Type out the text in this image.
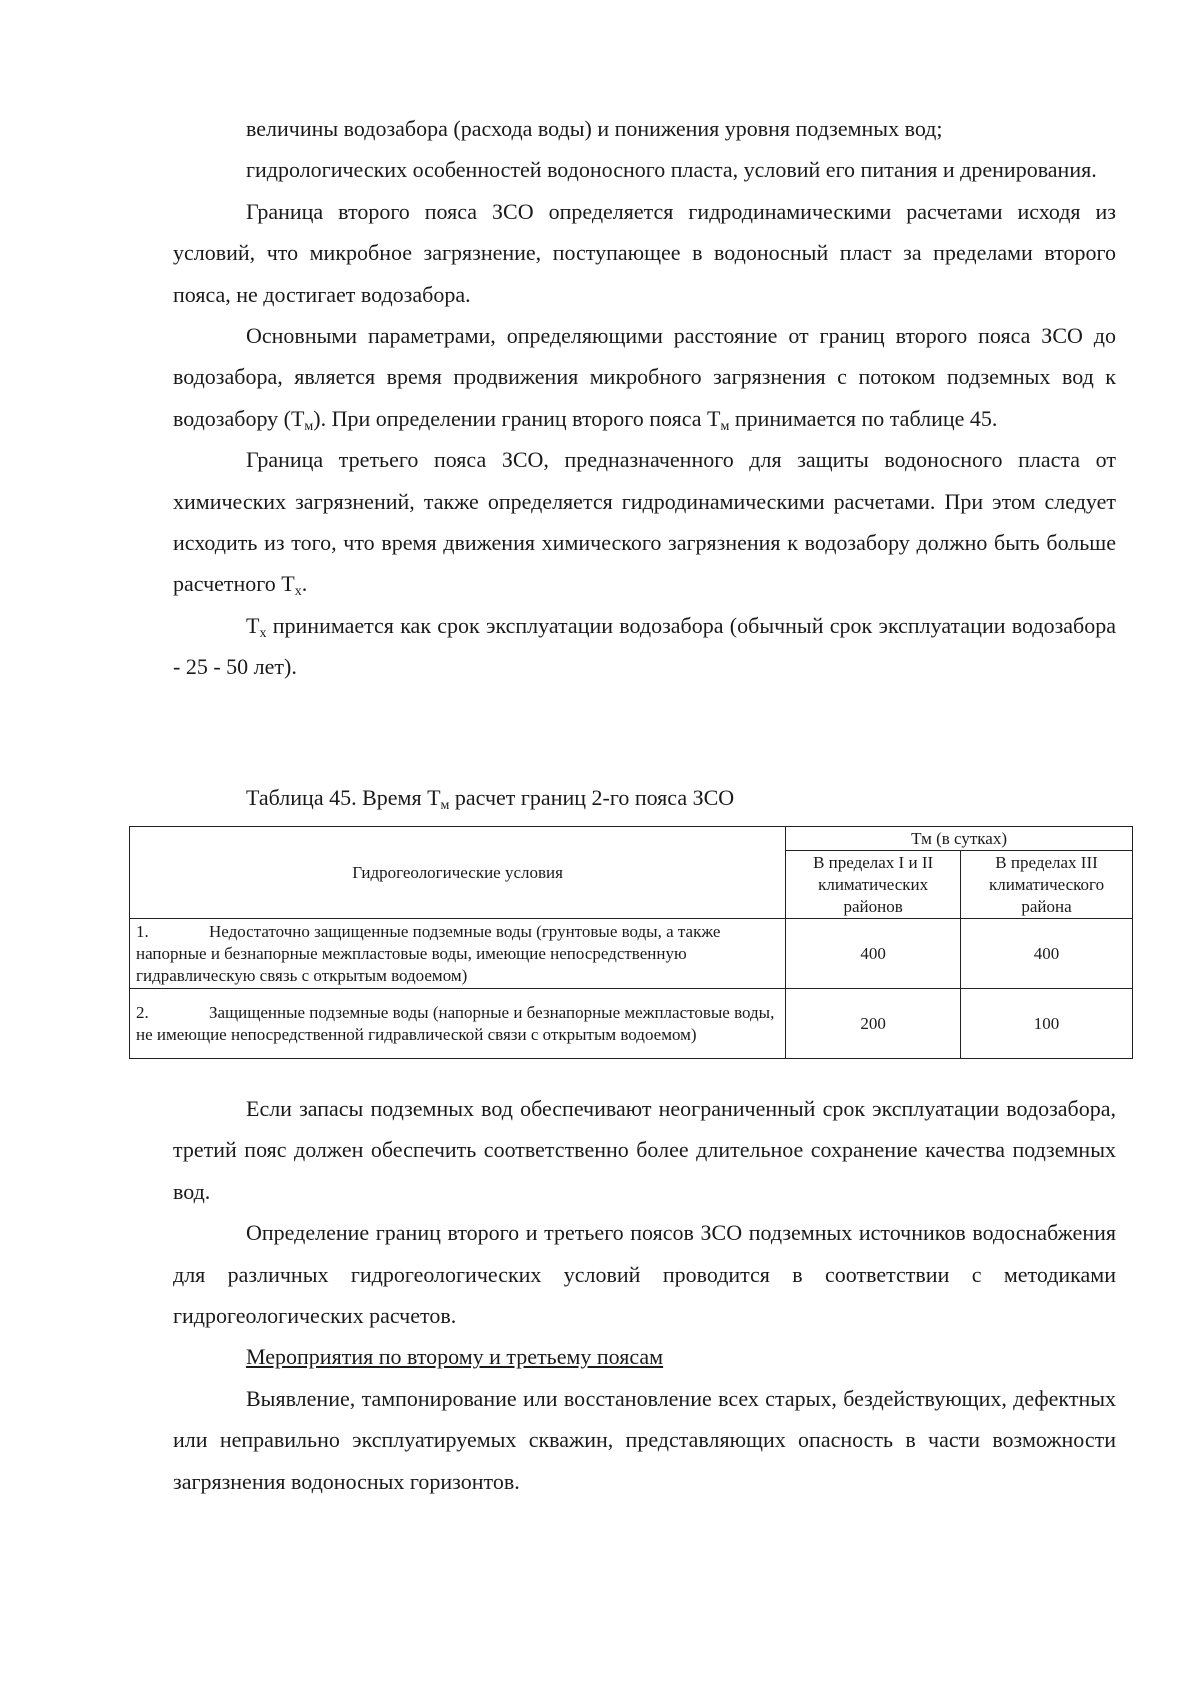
величины водозабора (расхода воды) и понижения уровня подземных вод;

гидрологических особенностей водоносного пласта, условий его питания и дренирования.

Граница второго пояса ЗСО определяется гидродинамическими расчетами исходя из условий, что микробное загрязнение, поступающее в водоносный пласт за пределами второго пояса, не достигает водозабора.

Основными параметрами, определяющими расстояние от границ второго пояса ЗСО до водозабора, является время продвижения микробного загрязнения с потоком подземных вод к водозабору $(Т_м)$. При определении границ второго пояса $Т_м$ принимается по таблице 45.

Граница третьего пояса ЗСО, предназначенного для защиты водоносного пласта от химических загрязнений, также определяется гидродинамическими расчетами. При этом следует исходить из того, что время движения химического загрязнения к водозабору должно быть больше расчетного $Т_х$.

$Т_х$ принимается как срок эксплуатации водозабора (обычный срок эксплуатации водозабора - 25 - 50 лет).

Таблица 45. Время $Т_м$ расчет границ 2-го пояса ЗСО
Гидрогеологические условия	Тм (в сутках)	
	В пределах I и II климатических районов	В пределах III климатического района
1. Недостаточно защищенные подземные воды (грунтовые воды, а также напорные и безнапорные межпластовые воды, имеющие непосредственную гидравлическую связь с открытым водоемом)	400	400
2. Защищенные подземные воды (напорные и безнапорные межпластовые воды, не имеющие непосредственной гидравлической связи с открытым водоемом)	200	100

Если запасы подземных вод обеспечивают неограниченный срок эксплуатации водозабора, третий пояс должен обеспечить соответственно более длительное сохранение качества подземных вод.

Определение границ второго и третьего поясов ЗСО подземных источников водоснабжения для различных гидрогеологических условий проводится в соответствии с методиками гидрогеологических расчетов.

Мероприятия по второму и третьему поясам

Выявление, тампонирование или восстановление всех старых, бездействующих, дефектных или неправильно эксплуатируемых скважин, представляющих опасность в части возможности загрязнения водоносных горизонтов.
